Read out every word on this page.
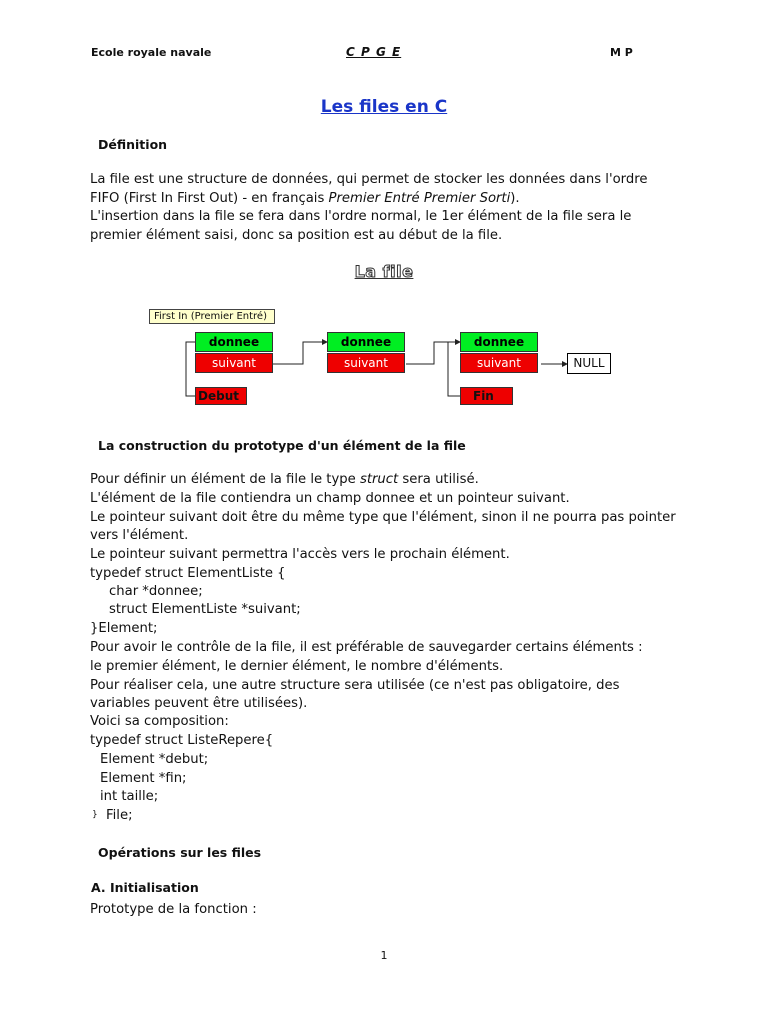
Ecole royale navale	C P G E	M P
Les files en C
Définition
La file est une structure de données, qui permet de stocker les données dans l'ordre
FIFO (First In First Out) - en français Premier Entré Premier Sorti).
L'insertion dans la file se fera dans l'ordre normal, le 1er élément de la file sera le
premier élément saisi, donc sa position est au début de la file.
La file
First In (Premier Entré)
donnee
suivant
donnee
suivant
donnee
suivant	NULL
Debut	Fin
La construction du prototype d'un élément de la file
Pour définir un élément de la file le type struct sera utilisé.
L'élément de la file contiendra un champ donnee et un pointeur suivant.
Le pointeur suivant doit être du même type que l'élément, sinon il ne pourra pas pointer
vers l'élément.
Le pointeur suivant permettra l'accès vers le prochain élément.
typedef struct ElementListe {
char *donnee;
struct ElementListe *suivant;
}Element;
Pour avoir le contrôle de la file, il est préférable de sauvegarder certains éléments :
le premier élément, le dernier élément, le nombre d'éléments.
Pour réaliser cela, une autre structure sera utilisée (ce n'est pas obligatoire, des
variables peuvent être utilisées).
Voici sa composition:
typedef struct ListeRepere{
Element *debut;
Element *fin;
int taille;
} File;
Opérations sur les files
A. Initialisation
Prototype de la fonction :
1
